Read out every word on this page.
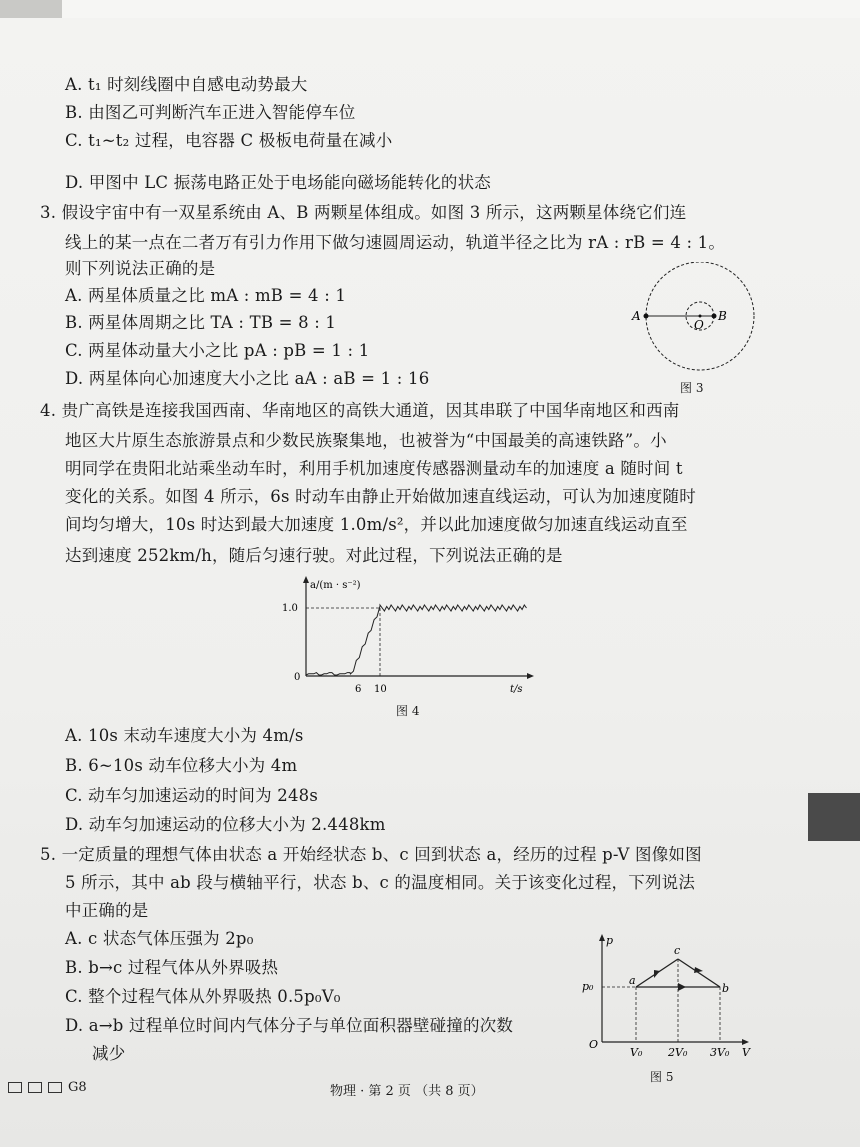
A. t₁ 时刻线圈中自感电动势最大
B. 由图乙可判断汽车正进入智能停车位
C. t₁~t₂ 过程，电容器 C 极板电荷量在减小
D. 甲图中 LC 振荡电路正处于电场能向磁场能转化的状态
3. 假设宇宙中有一双星系统由 A、B 两颗星体组成。如图 3 所示，这两颗星体绕它们连
线上的某一点在二者万有引力作用下做匀速圆周运动，轨道半径之比为 rA : rB = 4 : 1。
则下列说法正确的是
A. 两星体质量之比 mA : mB = 4 : 1
B. 两星体周期之比 TA : TB = 8 : 1
C. 两星体动量大小之比 pA : pB = 1 : 1
D. 两星体向心加速度大小之比 aA : aB = 1 : 16
A
O
B
图 3
4. 贵广高铁是连接我国西南、华南地区的高铁大通道，因其串联了中国华南地区和西南
地区大片原生态旅游景点和少数民族聚集地，也被誉为“中国最美的高速铁路”。小
明同学在贵阳北站乘坐动车时，利用手机加速度传感器测量动车的加速度 a 随时间 t
变化的关系。如图 4 所示，6s 时动车由静止开始做加速直线运动，可认为加速度随时
间均匀增大，10s 时达到最大加速度 1.0m/s²，并以此加速度做匀加速直线运动直至
达到速度 252km/h，随后匀速行驶。对此过程，下列说法正确的是
a/(m · s⁻²)
t/s
0
1.0
6 10
图 4
A. 10s 末动车速度大小为 4m/s
B. 6~10s 动车位移大小为 4m
C. 动车匀加速运动的时间为 248s
D. 动车匀加速运动的位移大小为 2.448km
5. 一定质量的理想气体由状态 a 开始经状态 b、c 回到状态 a，经历的过程 p-V 图像如图
5 所示，其中 ab 段与横轴平行，状态 b、c 的温度相同。关于该变化过程，下列说法
中正确的是
A. c 状态气体压强为 2p₀
B. b→c 过程气体从外界吸热
C. 整个过程气体从外界吸热 0.5p₀V₀
D. a→b 过程单位时间内气体分子与单位面积器壁碰撞的次数
减少
p
V
O
p₀
V₀ 2V₀ 3V₀
a
b
c
图 5
G8	物理 · 第 2 页 （共 8 页）
